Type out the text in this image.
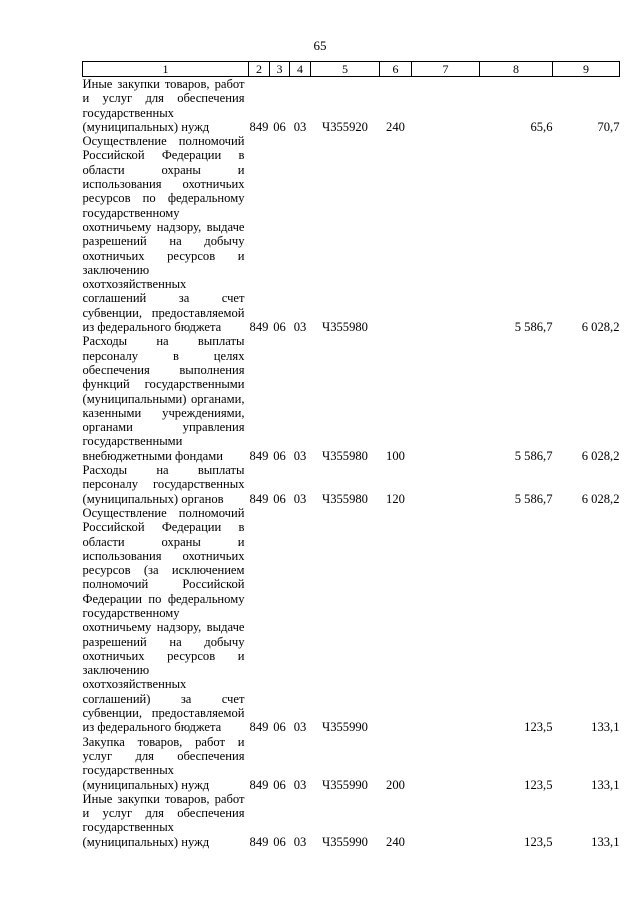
65
1	2	3	4	5	6	7	8	9
Иные закупки товаров, работ и услуг для обеспечения государственных (муниципальных) нужд	849	06	03	Ч355920	240		65,6	70,7
Осуществление полномочий Российской Федерации в области охраны и использования охотничьих ресурсов по федеральному государственному охотничьему надзору, выдаче разрешений на добычу охотничьих ресурсов и заключению охотхозяйственных соглашений за счет субвенции, предоставляемой из федерального бюджета	849	06	03	Ч355980			5 586,7	6 028,2
Расходы на выплаты персоналу в целях обеспечения выполнения функций государственными (муниципальными) органами, казенными учреждениями, органами управления государственными внебюджетными фондами	849	06	03	Ч355980	100		5 586,7	6 028,2
Расходы на выплаты персоналу государственных (муниципальных) органов	849	06	03	Ч355980	120		5 586,7	6 028,2
Осуществление полномочий Российской Федерации в области охраны и использования охотничьих ресурсов (за исключением полномочий Российской Федерации по федеральному государственному охотничьему надзору, выдаче разрешений на добычу охотничьих ресурсов и заключению охотхозяйственных соглашений) за счет субвенции, предоставляемой из федерального бюджета	849	06	03	Ч355990			123,5	133,1
Закупка товаров, работ и услуг для обеспечения государственных (муниципальных) нужд	849	06	03	Ч355990	200		123,5	133,1
Иные закупки товаров, работ и услуг для обеспечения государственных (муниципальных) нужд	849	06	03	Ч355990	240		123,5	133,1
